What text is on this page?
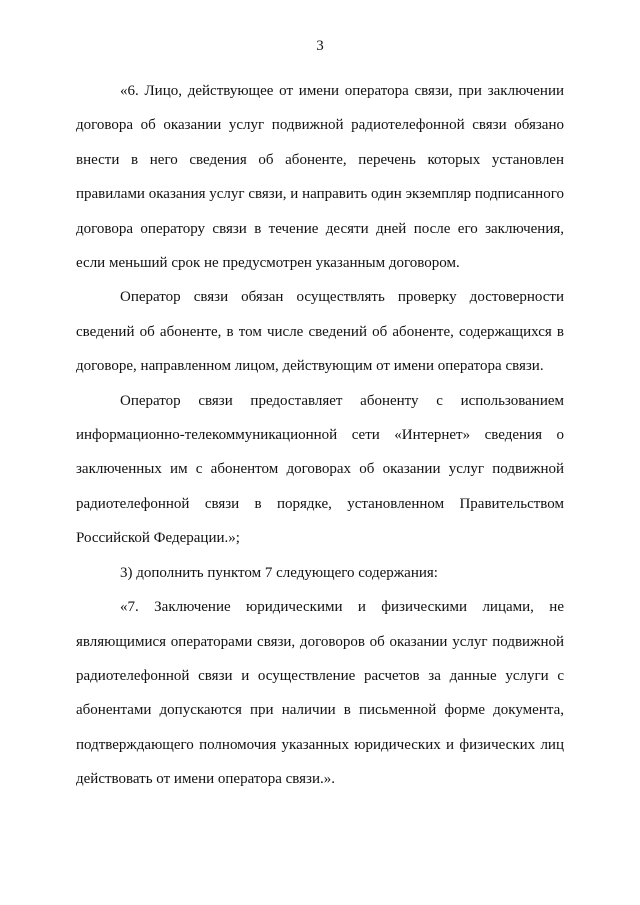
3

«6. Лицо, действующее от имени оператора связи, при заключении договора об оказании услуг подвижной радиотелефонной связи обязано внести в него сведения об абоненте, перечень которых установлен правилами оказания услуг связи, и направить один экземпляр подписанного договора оператору связи в течение десяти дней после его заключения, если меньший срок не предусмотрен указанным договором.

Оператор связи обязан осуществлять проверку достоверности сведений об абоненте, в том числе сведений об абоненте, содержащихся в договоре, направленном лицом, действующим от имени оператора связи.

Оператор связи предоставляет абоненту с использованием информационно-телекоммуникационной сети «Интернет» сведения о заключенных им с абонентом договорах об оказании услуг подвижной радиотелефонной связи в порядке, установленном Правительством Российской Федерации.»;

3) дополнить пунктом 7 следующего содержания:

«7. Заключение юридическими и физическими лицами, не являющимися операторами связи, договоров об оказании услуг подвижной радиотелефонной связи и осуществление расчетов за данные услуги с абонентами допускаются при наличии в письменной форме документа, подтверждающего полномочия указанных юридических и физических лиц действовать от имени оператора связи.».
